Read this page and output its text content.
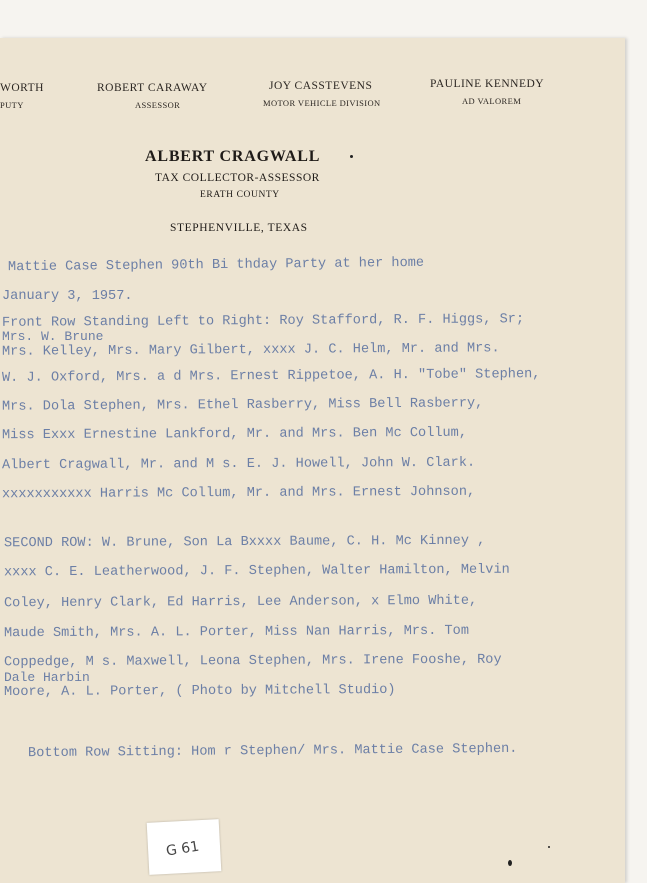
WORTH
PUTY
ROBERT CARAWAY
ASSESSOR
JOY CASSTEVENS
MOTOR VEHICLE DIVISION
PAULINE KENNEDY
AD VALOREM
ALBERT CRAGWALL
TAX COLLECTOR-ASSESSOR
ERATH COUNTY
STEPHENVILLE, TEXAS
Mattie Case Stephen 90th Bi thday Party at her home
January 3, 1957.
Front Row Standing Left to Right: Roy Stafford, R. F. Higgs, Sr;
Mrs. W. Brune
Mrs. Kelley, Mrs. Mary Gilbert, xxxx J. C. Helm, Mr. and Mrs.
W. J. Oxford, Mrs. a d Mrs. Ernest Rippetoe, A. H. "Tobe" Stephen,
Mrs. Dola Stephen, Mrs. Ethel Rasberry, Miss Bell Rasberry,
Miss Exxx Ernestine Lankford, Mr. and Mrs. Ben Mc Collum,
Albert Cragwall, Mr. and M s. E. J. Howell, John W. Clark.
xxxxxxxxxxx Harris Mc Collum, Mr. and Mrs. Ernest Johnson,
SECOND ROW: W. Brune, Son La Bxxxx Baume, C. H. Mc Kinney ,
xxxx C. E. Leatherwood, J. F. Stephen, Walter Hamilton, Melvin
Coley, Henry Clark, Ed Harris, Lee Anderson, x Elmo White,
Maude Smith, Mrs. A. L. Porter, Miss Nan Harris, Mrs. Tom
Coppedge, M s. Maxwell, Leona Stephen, Mrs. Irene Fooshe, Roy
Dale Harbin
Moore, A. L. Porter, ( Photo by Mitchell Studio)
Bottom Row Sitting: Hom r Stephen/ Mrs. Mattie Case Stephen.
G 61
